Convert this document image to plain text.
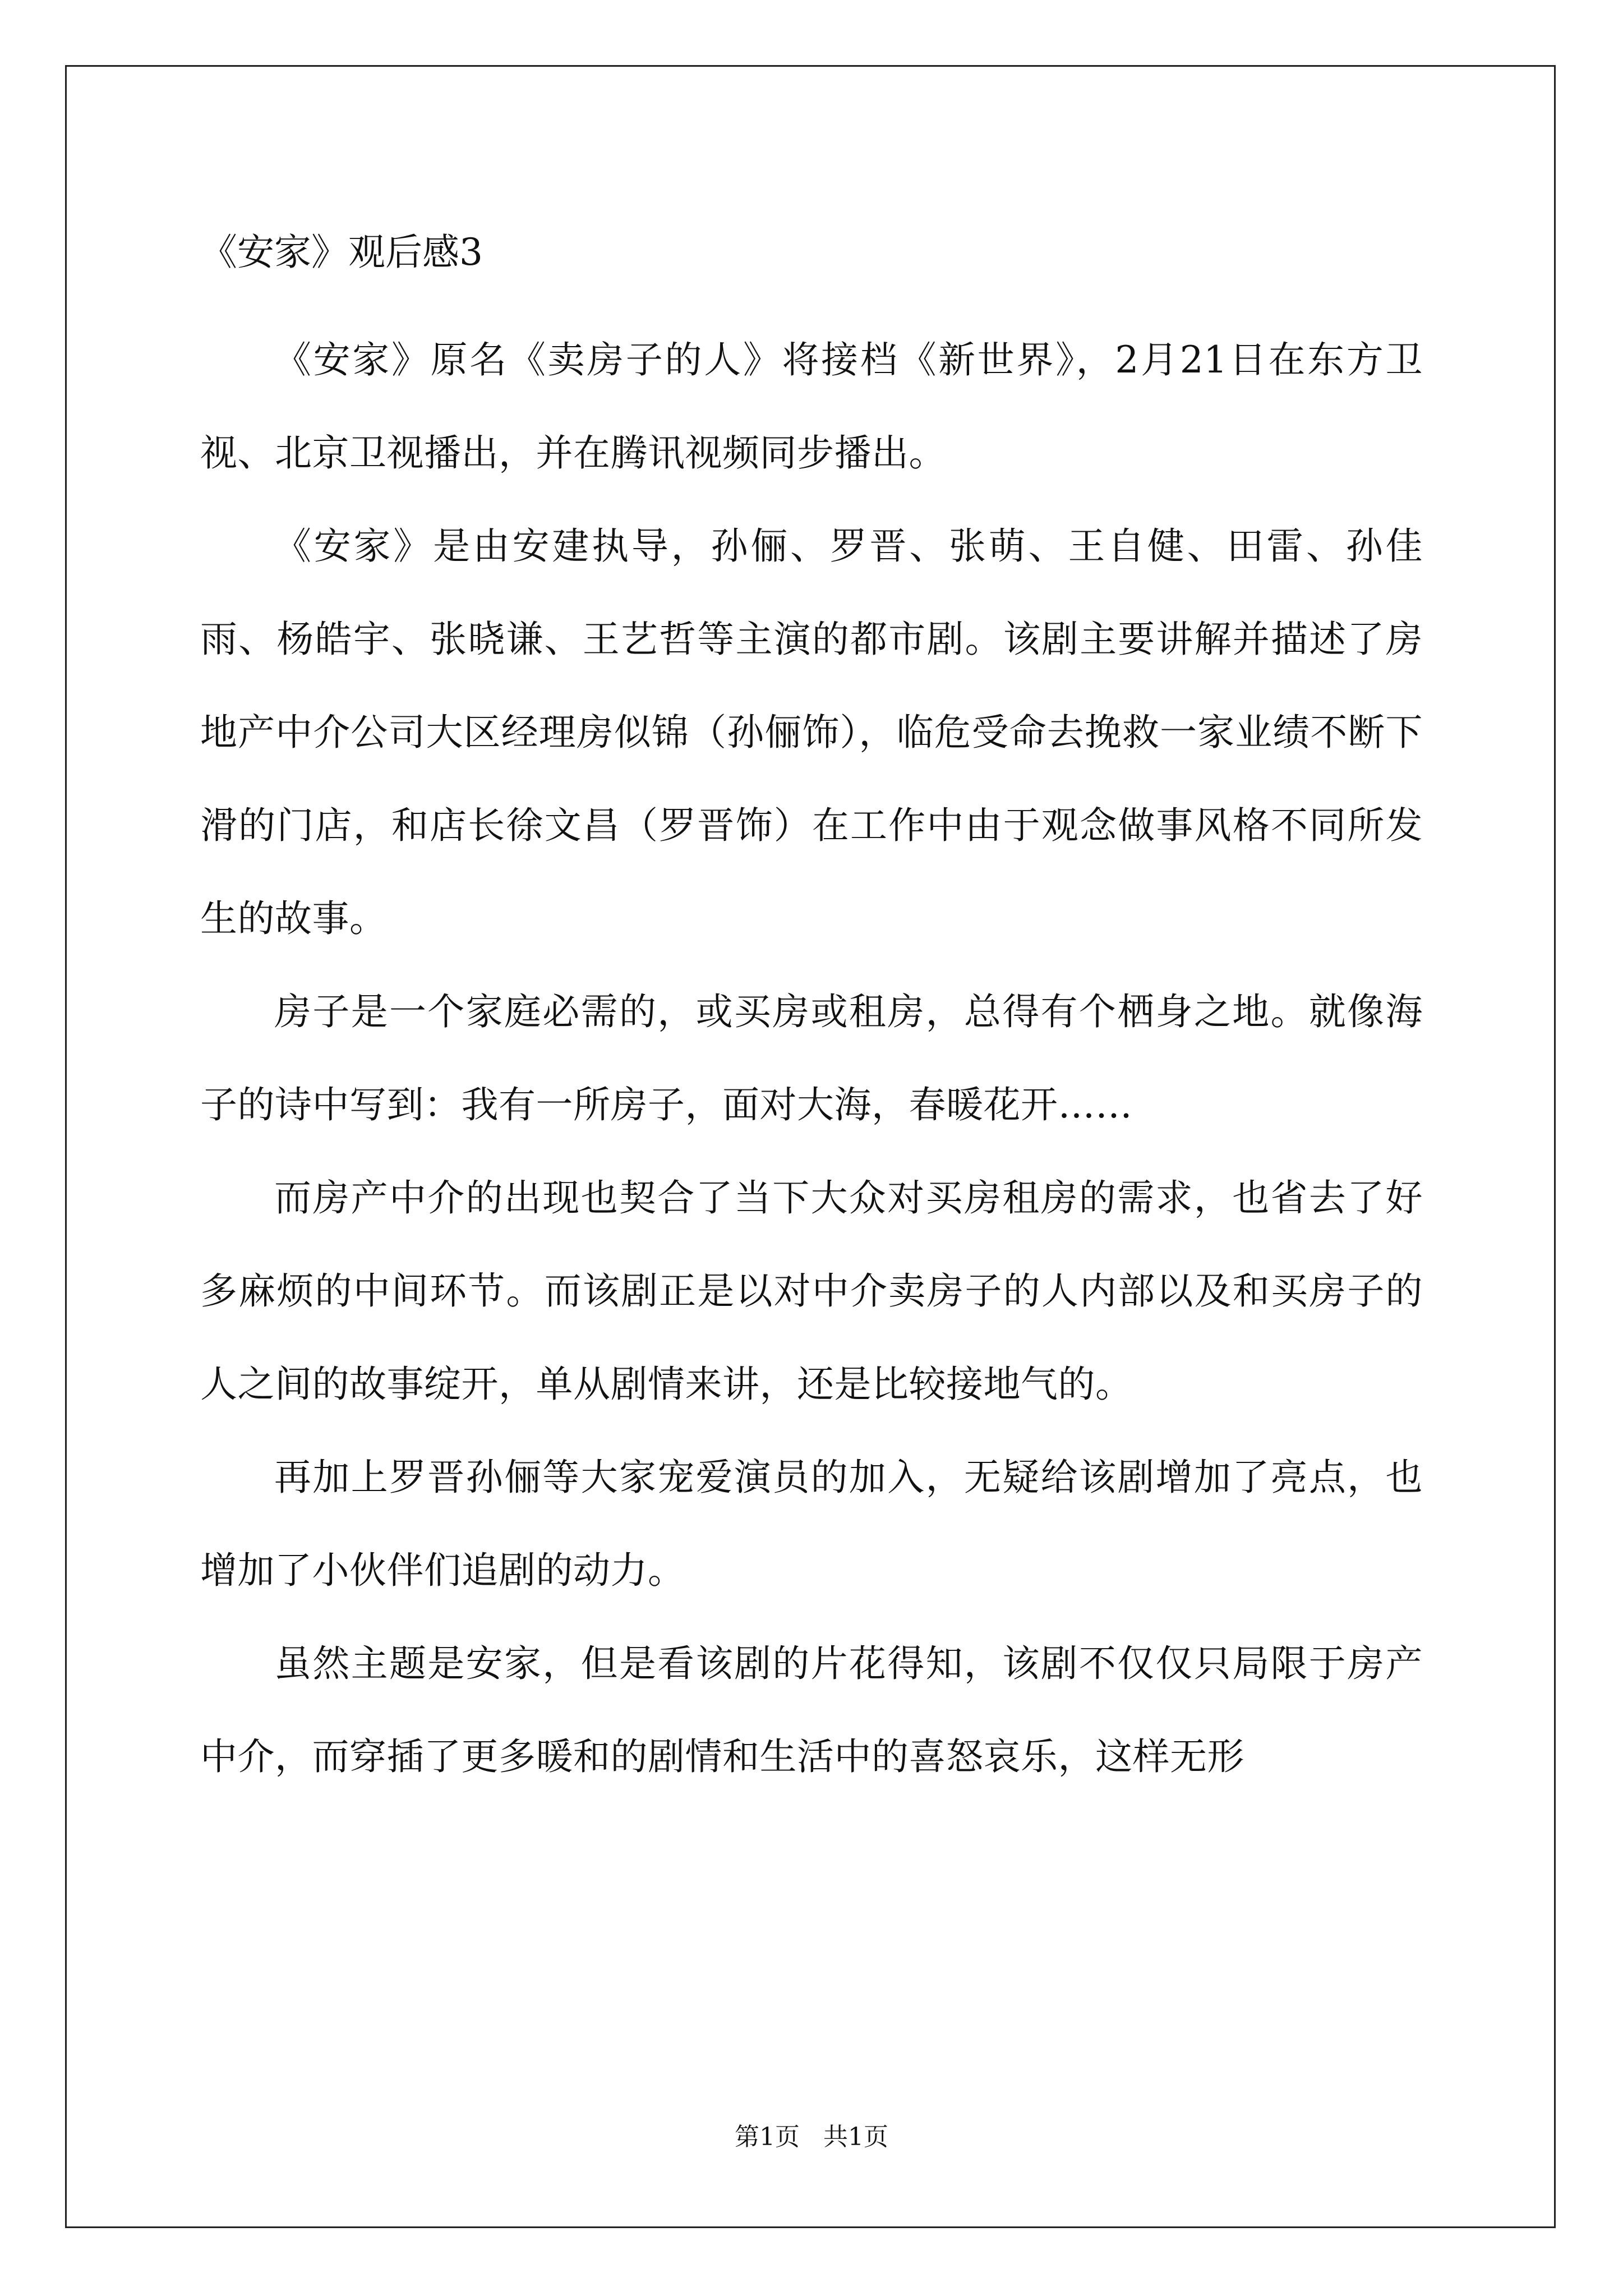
《安家》观后感3

《安家》原名《卖房子的人》将接档《新世界》，2月21日在东方卫视、北京卫视播出，并在腾讯视频同步播出。

《安家》是由安建执导，孙俪、罗晋、张萌、王自健、田雷、孙佳雨、杨皓宇、张晓谦、王艺哲等主演的都市剧。该剧主要讲解并描述了房地产中介公司大区经理房似锦（孙俪饰），临危受命去挽救一家业绩不断下滑的门店，和店长徐文昌（罗晋饰）在工作中由于观念做事风格不同所发生的故事。

房子是一个家庭必需的，或买房或租房，总得有个栖身之地。就像海子的诗中写到：我有一所房子，面对大海，春暖花开……

而房产中介的出现也契合了当下大众对买房租房的需求，也省去了好多麻烦的中间环节。而该剧正是以对中介卖房子的人内部以及和买房子的人之间的故事绽开，单从剧情来讲，还是比较接地气的。

再加上罗晋孙俪等大家宠爱演员的加入，无疑给该剧增加了亮点，也增加了小伙伴们追剧的动力。

虽然主题是安家，但是看该剧的片花得知，该剧不仅仅只局限于房产中介，而穿插了更多暖和的剧情和生活中的喜怒哀乐，这样无形

第1页   共1页
